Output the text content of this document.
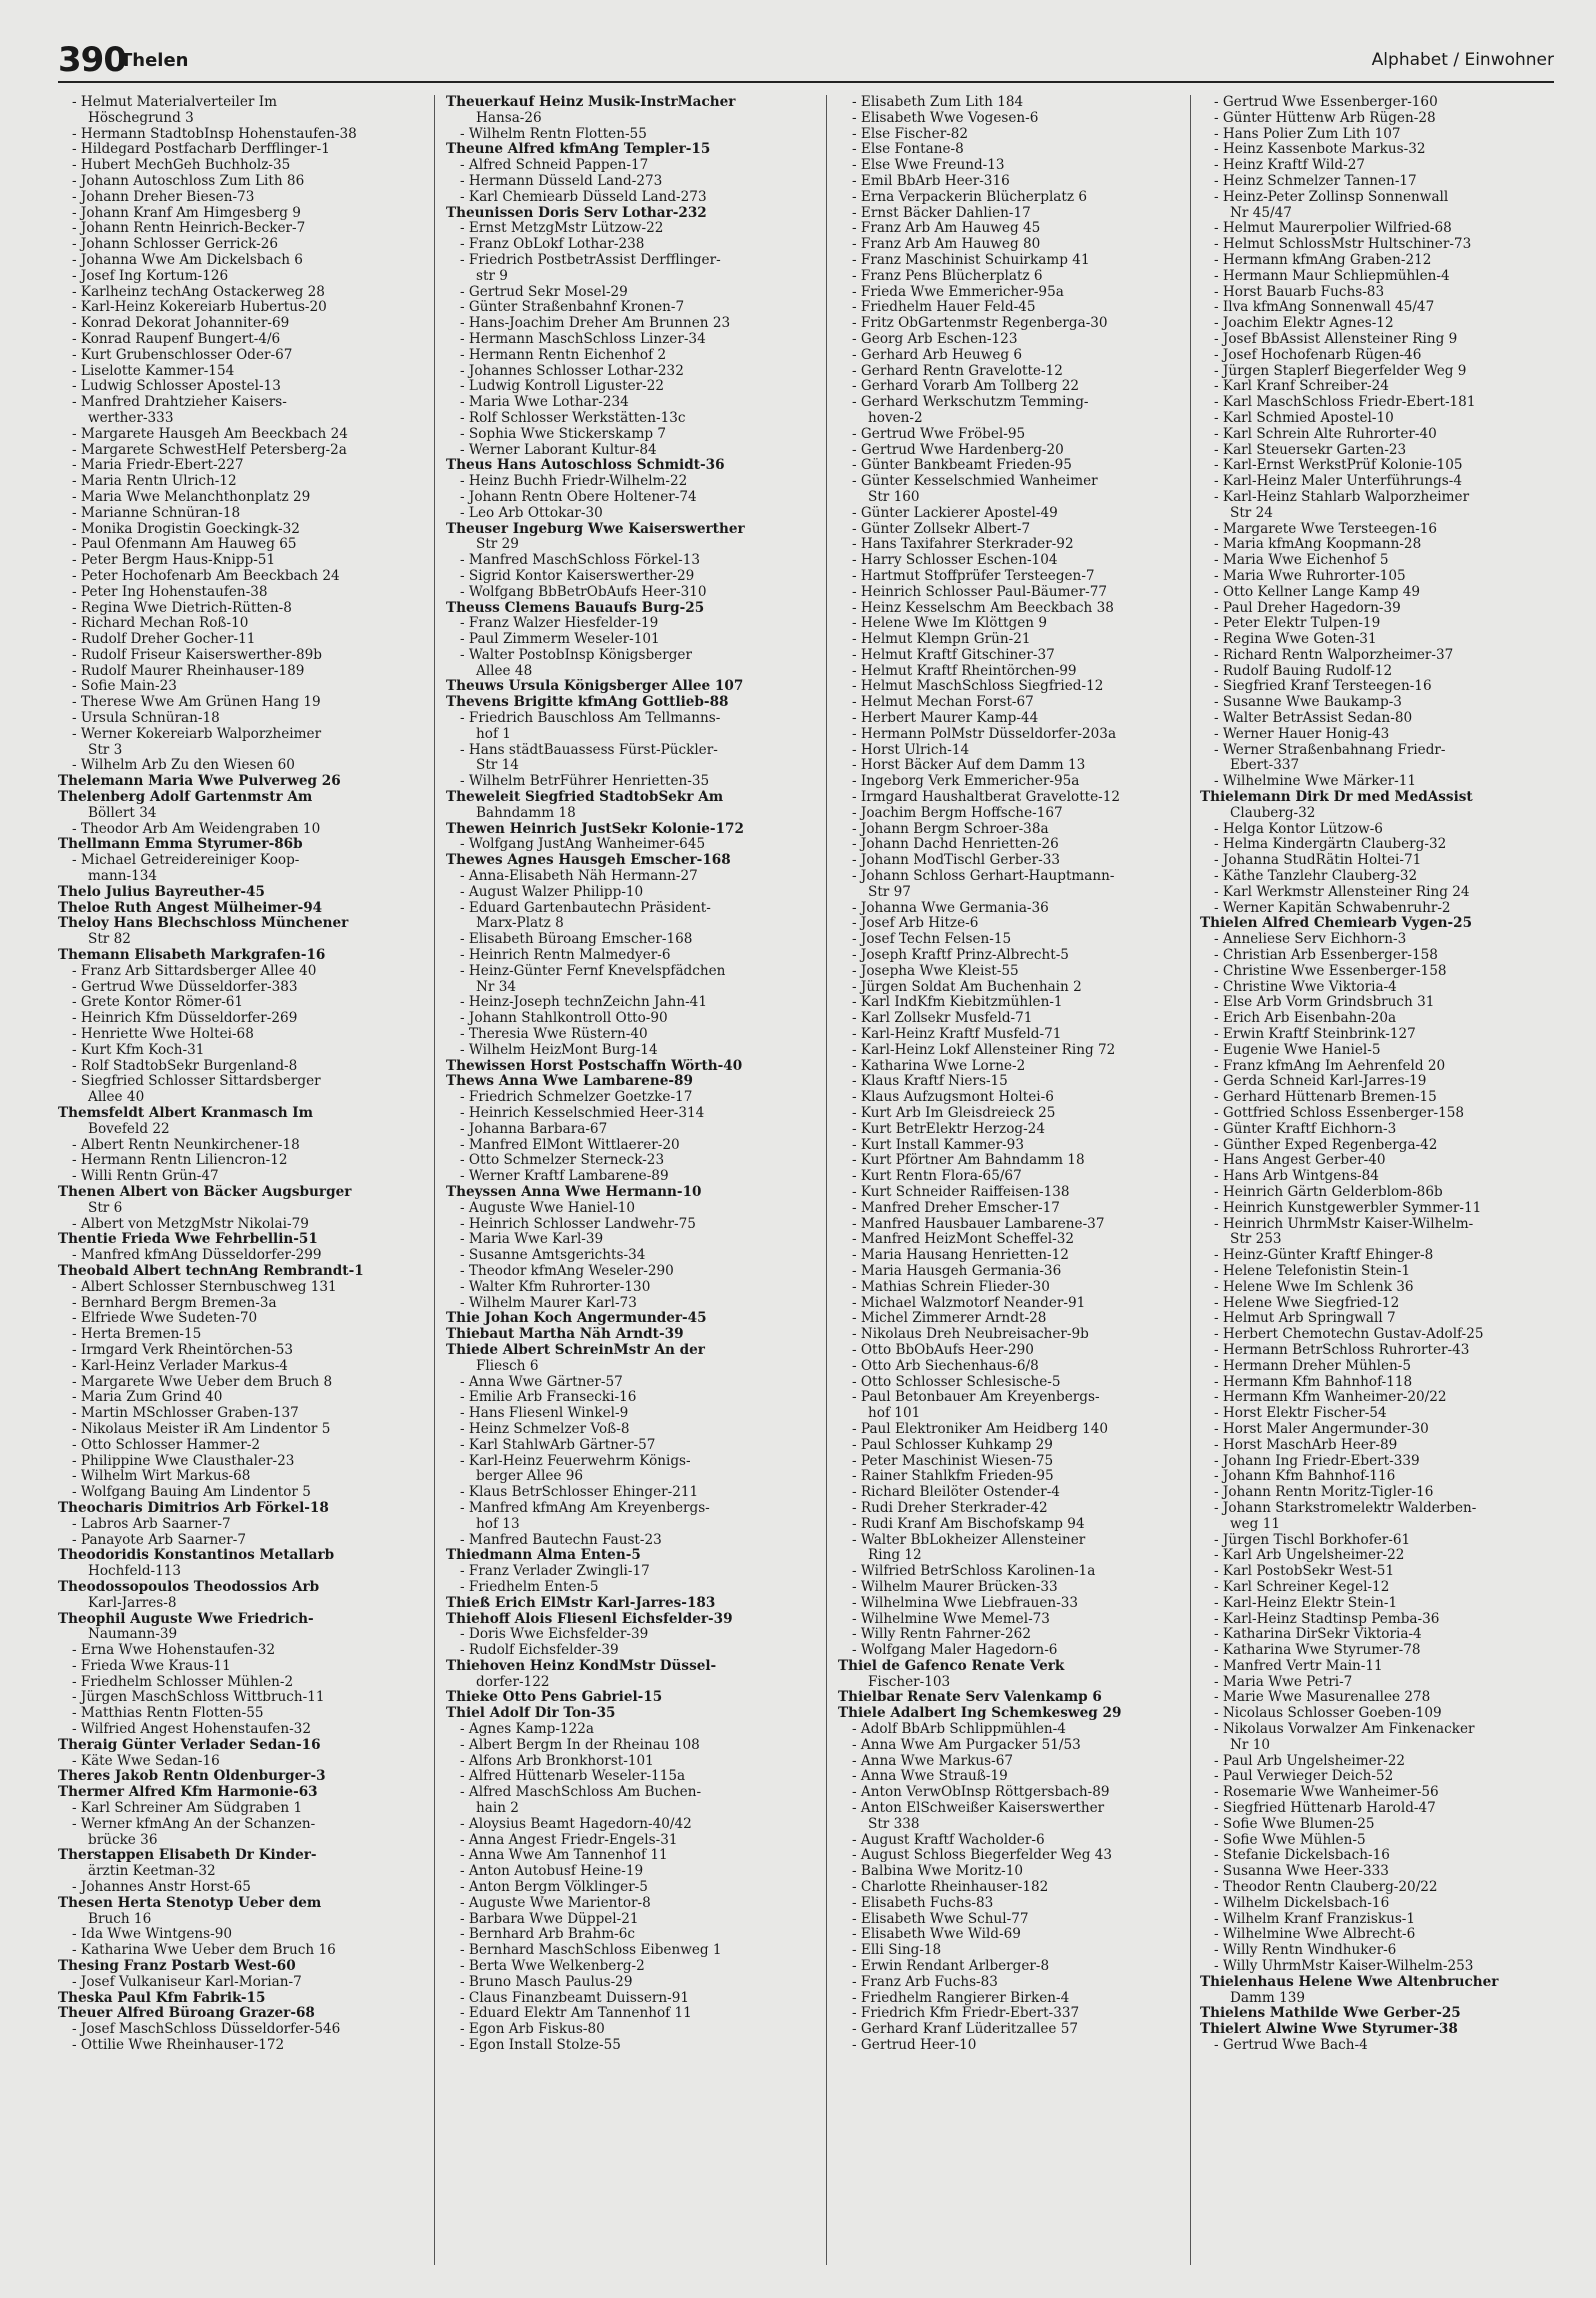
390
Thelen	Alphabet / Einwohner
- Helmut Materialverteiler Im
Höschegrund 3
- Hermann StadtobInsp Hohenstaufen-38
- Hildegard Postfacharb Derfflinger-1
- Hubert MechGeh Buchholz-35
- Johann Autoschloss Zum Lith 86
- Johann Dreher Biesen-73
- Johann Kranf Am Himgesberg 9
- Johann Rentn Heinrich-Becker-7
- Johann Schlosser Gerrick-26
- Johanna Wwe Am Dickelsbach 6
- Josef Ing Kortum-126
- Karlheinz techAng Ostackerweg 28
- Karl-Heinz Kokereiarb Hubertus-20
- Konrad Dekorat Johanniter-69
- Konrad Raupenf Bungert-4/6
- Kurt Grubenschlosser Oder-67
- Liselotte Kammer-154
- Ludwig Schlosser Apostel-13
- Manfred Drahtzieher Kaisers-
werther-333
- Margarete Hausgeh Am Beeckbach 24
- Margarete SchwestHelf Petersberg-2a
- Maria Friedr-Ebert-227
- Maria Rentn Ulrich-12
- Maria Wwe Melanchthonplatz 29
- Marianne Schnüran-18
- Monika Drogistin Goeckingk-32
- Paul Ofenmann Am Hauweg 65
- Peter Bergm Haus-Knipp-51
- Peter Hochofenarb Am Beeckbach 24
- Peter Ing Hohenstaufen-38
- Regina Wwe Dietrich-Rütten-8
- Richard Mechan Roß-10
- Rudolf Dreher Gocher-11
- Rudolf Friseur Kaiserswerther-89b
- Rudolf Maurer Rheinhauser-189
- Sofie Main-23
- Therese Wwe Am Grünen Hang 19
- Ursula Schnüran-18
- Werner Kokereiarb Walporzheimer
Str 3
- Wilhelm Arb Zu den Wiesen 60
Thelemann Maria Wwe Pulverweg 26
Thelenberg Adolf Gartenmstr Am
Böllert 34
- Theodor Arb Am Weidengraben 10
Thellmann Emma Styrumer-86b
- Michael Getreidereiniger Koop-
mann-134
Thelo Julius Bayreuther-45
Theloe Ruth Angest Mülheimer-94
Theloy Hans Blechschloss Münchener
Str 82
Themann Elisabeth Markgrafen-16
- Franz Arb Sittardsberger Allee 40
- Gertrud Wwe Düsseldorfer-383
- Grete Kontor Römer-61
- Heinrich Kfm Düsseldorfer-269
- Henriette Wwe Holtei-68
- Kurt Kfm Koch-31
- Rolf StadtobSekr Burgenland-8
- Siegfried Schlosser Sittardsberger
Allee 40
Themsfeldt Albert Kranmasch Im
Bovefeld 22
- Albert Rentn Neunkirchener-18
- Hermann Rentn Liliencron-12
- Willi Rentn Grün-47
Thenen Albert von Bäcker Augsburger
Str 6
- Albert von MetzgMstr Nikolai-79
Thentie Frieda Wwe Fehrbellin-51
- Manfred kfmAng Düsseldorfer-299
Theobald Albert technAng Rembrandt-1
- Albert Schlosser Sternbuschweg 131
- Bernhard Bergm Bremen-3a
- Elfriede Wwe Sudeten-70
- Herta Bremen-15
- Irmgard Verk Rheintörchen-53
- Karl-Heinz Verlader Markus-4
- Margarete Wwe Ueber dem Bruch 8
- Maria Zum Grind 40
- Martin MSchlosser Graben-137
- Nikolaus Meister iR Am Lindentor 5
- Otto Schlosser Hammer-2
- Philippine Wwe Clausthaler-23
- Wilhelm Wirt Markus-68
- Wolfgang Bauing Am Lindentor 5
Theocharis Dimitrios Arb Förkel-18
- Labros Arb Saarner-7
- Panayote Arb Saarner-7
Theodoridis Konstantinos Metallarb
Hochfeld-113
Theodossopoulos Theodossios Arb
Karl-Jarres-8
Theophil Auguste Wwe Friedrich-
Naumann-39
- Erna Wwe Hohenstaufen-32
- Frieda Wwe Kraus-11
- Friedhelm Schlosser Mühlen-2
- Jürgen MaschSchloss Wittbruch-11
- Matthias Rentn Flotten-55
- Wilfried Angest Hohenstaufen-32
Theraig Günter Verlader Sedan-16
- Käte Wwe Sedan-16
Theres Jakob Rentn Oldenburger-3
Thermer Alfred Kfm Harmonie-63
- Karl Schreiner Am Südgraben 1
- Werner kfmAng An der Schanzen-
brücke 36
Therstappen Elisabeth Dr Kinder-
ärztin Keetman-32
- Johannes Anstr Horst-65
Thesen Herta Stenotyp Ueber dem
Bruch 16
- Ida Wwe Wintgens-90
- Katharina Wwe Ueber dem Bruch 16
Thesing Franz Postarb West-60
- Josef Vulkaniseur Karl-Morian-7
Theska Paul Kfm Fabrik-15
Theuer Alfred Büroang Grazer-68
- Josef MaschSchloss Düsseldorfer-546
- Ottilie Wwe Rheinhauser-172
Theuerkauf Heinz Musik-InstrMacher
Hansa-26
- Wilhelm Rentn Flotten-55
Theune Alfred kfmAng Templer-15
- Alfred Schneid Pappen-17
- Hermann Düsseld Land-273
- Karl Chemiearb Düsseld Land-273
Theunissen Doris Serv Lothar-232
- Ernst MetzgMstr Lützow-22
- Franz ObLokf Lothar-238
- Friedrich PostbetrAssist Derfflinger-
str 9
- Gertrud Sekr Mosel-29
- Günter Straßenbahnf Kronen-7
- Hans-Joachim Dreher Am Brunnen 23
- Hermann MaschSchloss Linzer-34
- Hermann Rentn Eichenhof 2
- Johannes Schlosser Lothar-232
- Ludwig Kontroll Liguster-22
- Maria Wwe Lothar-234
- Rolf Schlosser Werkstätten-13c
- Sophia Wwe Stickerskamp 7
- Werner Laborant Kultur-84
Theus Hans Autoschloss Schmidt-36
- Heinz Buchh Friedr-Wilhelm-22
- Johann Rentn Obere Holtener-74
- Leo Arb Ottokar-30
Theuser Ingeburg Wwe Kaiserswerther
Str 29
- Manfred MaschSchloss Förkel-13
- Sigrid Kontor Kaiserswerther-29
- Wolfgang BbBetrObAufs Heer-310
Theuss Clemens Bauaufs Burg-25
- Franz Walzer Hiesfelder-19
- Paul Zimmerm Weseler-101
- Walter PostobInsp Königsberger
Allee 48
Theuws Ursula Königsberger Allee 107
Thevens Brigitte kfmAng Gottlieb-88
- Friedrich Bauschloss Am Tellmanns-
hof 1
- Hans städtBauassess Fürst-Pückler-
Str 14
- Wilhelm BetrFührer Henrietten-35
Theweleit Siegfried StadtobSekr Am
Bahndamm 18
Thewen Heinrich JustSekr Kolonie-172
- Wolfgang JustAng Wanheimer-645
Thewes Agnes Hausgeh Emscher-168
- Anna-Elisabeth Näh Hermann-27
- August Walzer Philipp-10
- Eduard Gartenbautechn Präsident-
Marx-Platz 8
- Elisabeth Büroang Emscher-168
- Heinrich Rentn Malmedyer-6
- Heinz-Günter Fernf Knevelspfädchen
Nr 34
- Heinz-Joseph technZeichn Jahn-41
- Johann Stahlkontroll Otto-90
- Theresia Wwe Rüstern-40
- Wilhelm HeizMont Burg-14
Thewissen Horst Postschaffn Wörth-40
Thews Anna Wwe Lambarene-89
- Friedrich Schmelzer Goetzke-17
- Heinrich Kesselschmied Heer-314
- Johanna Barbara-67
- Manfred ElMont Wittlaerer-20
- Otto Schmelzer Sterneck-23
- Werner Kraftf Lambarene-89
Theyssen Anna Wwe Hermann-10
- Auguste Wwe Haniel-10
- Heinrich Schlosser Landwehr-75
- Maria Wwe Karl-39
- Susanne Amtsgerichts-34
- Theodor kfmAng Weseler-290
- Walter Kfm Ruhrorter-130
- Wilhelm Maurer Karl-73
Thie Johan Koch Angermunder-45
Thiebaut Martha Näh Arndt-39
Thiede Albert SchreinMstr An der
Fliesch 6
- Anna Wwe Gärtner-57
- Emilie Arb Fransecki-16
- Hans Fliesenl Winkel-9
- Heinz Schmelzer Voß-8
- Karl StahlwArb Gärtner-57
- Karl-Heinz Feuerwehrm Königs-
berger Allee 96
- Klaus BetrSchlosser Ehinger-211
- Manfred kfmAng Am Kreyenbergs-
hof 13
- Manfred Bautechn Faust-23
Thiedmann Alma Enten-5
- Franz Verlader Zwingli-17
- Friedhelm Enten-5
Thieß Erich ElMstr Karl-Jarres-183
Thiehoff Alois Fliesenl Eichsfelder-39
- Doris Wwe Eichsfelder-39
- Rudolf Eichsfelder-39
Thiehoven Heinz KondMstr Düssel-
dorfer-122
Thieke Otto Pens Gabriel-15
Thiel Adolf Dir Ton-35
- Agnes Kamp-122a
- Albert Bergm In der Rheinau 108
- Alfons Arb Bronkhorst-101
- Alfred Hüttenarb Weseler-115a
- Alfred MaschSchloss Am Buchen-
hain 2
- Aloysius Beamt Hagedorn-40/42
- Anna Angest Friedr-Engels-31
- Anna Wwe Am Tannenhof 11
- Anton Autobusf Heine-19
- Anton Bergm Völklinger-5
- Auguste Wwe Marientor-8
- Barbara Wwe Düppel-21
- Bernhard Arb Brahm-6c
- Bernhard MaschSchloss Eibenweg 1
- Berta Wwe Welkenberg-2
- Bruno Masch Paulus-29
- Claus Finanzbeamt Duissern-91
- Eduard Elektr Am Tannenhof 11
- Egon Arb Fiskus-80
- Egon Install Stolze-55
- Elisabeth Zum Lith 184
- Elisabeth Wwe Vogesen-6
- Else Fischer-82
- Else Fontane-8
- Else Wwe Freund-13
- Emil BbArb Heer-316
- Erna Verpackerin Blücherplatz 6
- Ernst Bäcker Dahlien-17
- Franz Arb Am Hauweg 45
- Franz Arb Am Hauweg 80
- Franz Maschinist Schuirkamp 41
- Franz Pens Blücherplatz 6
- Frieda Wwe Emmericher-95a
- Friedhelm Hauer Feld-45
- Fritz ObGartenmstr Regenberga-30
- Georg Arb Eschen-123
- Gerhard Arb Heuweg 6
- Gerhard Rentn Gravelotte-12
- Gerhard Vorarb Am Tollberg 22
- Gerhard Werkschutzm Temming-
hoven-2
- Gertrud Wwe Fröbel-95
- Gertrud Wwe Hardenberg-20
- Günter Bankbeamt Frieden-95
- Günter Kesselschmied Wanheimer
Str 160
- Günter Lackierer Apostel-49
- Günter Zollsekr Albert-7
- Hans Taxifahrer Sterkrader-92
- Harry Schlosser Eschen-104
- Hartmut Stoffprüfer Tersteegen-7
- Heinrich Schlosser Paul-Bäumer-77
- Heinz Kesselschm Am Beeckbach 38
- Helene Wwe Im Klöttgen 9
- Helmut Klempn Grün-21
- Helmut Kraftf Gitschiner-37
- Helmut Kraftf Rheintörchen-99
- Helmut MaschSchloss Siegfried-12
- Helmut Mechan Forst-67
- Herbert Maurer Kamp-44
- Hermann PolMstr Düsseldorfer-203a
- Horst Ulrich-14
- Horst Bäcker Auf dem Damm 13
- Ingeborg Verk Emmericher-95a
- Irmgard Haushaltberat Gravelotte-12
- Joachim Bergm Hoffsche-167
- Johann Bergm Schroer-38a
- Johann Dachd Henrietten-26
- Johann ModTischl Gerber-33
- Johann Schloss Gerhart-Hauptmann-
Str 97
- Johanna Wwe Germania-36
- Josef Arb Hitze-6
- Josef Techn Felsen-15
- Joseph Kraftf Prinz-Albrecht-5
- Josepha Wwe Kleist-55
- Jürgen Soldat Am Buchenhain 2
- Karl IndKfm Kiebitzmühlen-1
- Karl Zollsekr Musfeld-71
- Karl-Heinz Kraftf Musfeld-71
- Karl-Heinz Lokf Allensteiner Ring 72
- Katharina Wwe Lorne-2
- Klaus Kraftf Niers-15
- Klaus Aufzugsmont Holtei-6
- Kurt Arb Im Gleisdreieck 25
- Kurt BetrElektr Herzog-24
- Kurt Install Kammer-93
- Kurt Pförtner Am Bahndamm 18
- Kurt Rentn Flora-65/67
- Kurt Schneider Raiffeisen-138
- Manfred Dreher Emscher-17
- Manfred Hausbauer Lambarene-37
- Manfred HeizMont Scheffel-32
- Maria Hausang Henrietten-12
- Maria Hausgeh Germania-36
- Mathias Schrein Flieder-30
- Michael Walzmotorf Neander-91
- Michel Zimmerer Arndt-28
- Nikolaus Dreh Neubreisacher-9b
- Otto BbObAufs Heer-290
- Otto Arb Siechenhaus-6/8
- Otto Schlosser Schlesische-5
- Paul Betonbauer Am Kreyenbergs-
hof 101
- Paul Elektroniker Am Heidberg 140
- Paul Schlosser Kuhkamp 29
- Peter Maschinist Wiesen-75
- Rainer Stahlkfm Frieden-95
- Richard Bleilöter Ostender-4
- Rudi Dreher Sterkrader-42
- Rudi Kranf Am Bischofskamp 94
- Walter BbLokheizer Allensteiner
Ring 12
- Wilfried BetrSchloss Karolinen-1a
- Wilhelm Maurer Brücken-33
- Wilhelmina Wwe Liebfrauen-33
- Wilhelmine Wwe Memel-73
- Willy Rentn Fahrner-262
- Wolfgang Maler Hagedorn-6
Thiel de Gafenco Renate Verk
Fischer-103
Thielbar Renate Serv Valenkamp 6
Thiele Adalbert Ing Schemkesweg 29
- Adolf BbArb Schlippmühlen-4
- Anna Wwe Am Purgacker 51/53
- Anna Wwe Markus-67
- Anna Wwe Strauß-19
- Anton VerwObInsp Röttgersbach-89
- Anton ElSchweißer Kaiserswerther
Str 338
- August Kraftf Wacholder-6
- August Schloss Biegerfelder Weg 43
- Balbina Wwe Moritz-10
- Charlotte Rheinhauser-182
- Elisabeth Fuchs-83
- Elisabeth Wwe Schul-77
- Elisabeth Wwe Wild-69
- Elli Sing-18
- Erwin Rendant Arlberger-8
- Franz Arb Fuchs-83
- Friedhelm Rangierer Birken-4
- Friedrich Kfm Friedr-Ebert-337
- Gerhard Kranf Lüderitzallee 57
- Gertrud Heer-10
- Gertrud Wwe Essenberger-160
- Günter Hüttenw Arb Rügen-28
- Hans Polier Zum Lith 107
- Heinz Kassenbote Markus-32
- Heinz Kraftf Wild-27
- Heinz Schmelzer Tannen-17
- Heinz-Peter Zollinsp Sonnenwall
Nr 45/47
- Helmut Maurerpolier Wilfried-68
- Helmut SchlossMstr Hultschiner-73
- Hermann kfmAng Graben-212
- Hermann Maur Schliepmühlen-4
- Horst Bauarb Fuchs-83
- Ilva kfmAng Sonnenwall 45/47
- Joachim Elektr Agnes-12
- Josef BbAssist Allensteiner Ring 9
- Josef Hochofenarb Rügen-46
- Jürgen Staplerf Biegerfelder Weg 9
- Karl Kranf Schreiber-24
- Karl MaschSchloss Friedr-Ebert-181
- Karl Schmied Apostel-10
- Karl Schrein Alte Ruhrorter-40
- Karl Steuersekr Garten-23
- Karl-Ernst WerkstPrüf Kolonie-105
- Karl-Heinz Maler Unterführungs-4
- Karl-Heinz Stahlarb Walporzheimer
Str 24
- Margarete Wwe Tersteegen-16
- Maria kfmAng Koopmann-28
- Maria Wwe Eichenhof 5
- Maria Wwe Ruhrorter-105
- Otto Kellner Lange Kamp 49
- Paul Dreher Hagedorn-39
- Peter Elektr Tulpen-19
- Regina Wwe Goten-31
- Richard Rentn Walporzheimer-37
- Rudolf Bauing Rudolf-12
- Siegfried Kranf Tersteegen-16
- Susanne Wwe Baukamp-3
- Walter BetrAssist Sedan-80
- Werner Hauer Honig-43
- Werner Straßenbahnang Friedr-
Ebert-337
- Wilhelmine Wwe Märker-11
Thielemann Dirk Dr med MedAssist
Clauberg-32
- Helga Kontor Lützow-6
- Helma Kindergärtn Clauberg-32
- Johanna StudRätin Holtei-71
- Käthe Tanzlehr Clauberg-32
- Karl Werkmstr Allensteiner Ring 24
- Werner Kapitän Schwabenruhr-2
Thielen Alfred Chemiearb Vygen-25
- Anneliese Serv Eichhorn-3
- Christian Arb Essenberger-158
- Christine Wwe Essenberger-158
- Christine Wwe Viktoria-4
- Else Arb Vorm Grindsbruch 31
- Erich Arb Eisenbahn-20a
- Erwin Kraftf Steinbrink-127
- Eugenie Wwe Haniel-5
- Franz kfmAng Im Aehrenfeld 20
- Gerda Schneid Karl-Jarres-19
- Gerhard Hüttenarb Bremen-15
- Gottfried Schloss Essenberger-158
- Günter Kraftf Eichhorn-3
- Günther Exped Regenberga-42
- Hans Angest Gerber-40
- Hans Arb Wintgens-84
- Heinrich Gärtn Gelderblom-86b
- Heinrich Kunstgewerbler Symmer-11
- Heinrich UhrmMstr Kaiser-Wilhelm-
Str 253
- Heinz-Günter Kraftf Ehinger-8
- Helene Telefonistin Stein-1
- Helene Wwe Im Schlenk 36
- Helene Wwe Siegfried-12
- Helmut Arb Springwall 7
- Herbert Chemotechn Gustav-Adolf-25
- Hermann BetrSchloss Ruhrorter-43
- Hermann Dreher Mühlen-5
- Hermann Kfm Bahnhof-118
- Hermann Kfm Wanheimer-20/22
- Horst Elektr Fischer-54
- Horst Maler Angermunder-30
- Horst MaschArb Heer-89
- Johann Ing Friedr-Ebert-339
- Johann Kfm Bahnhof-116
- Johann Rentn Moritz-Tigler-16
- Johann Starkstromelektr Walderben-
weg 11
- Jürgen Tischl Borkhofer-61
- Karl Arb Ungelsheimer-22
- Karl PostobSekr West-51
- Karl Schreiner Kegel-12
- Karl-Heinz Elektr Stein-1
- Karl-Heinz Stadtinsp Pemba-36
- Katharina DirSekr Viktoria-4
- Katharina Wwe Styrumer-78
- Manfred Vertr Main-11
- Maria Wwe Petri-7
- Marie Wwe Masurenallee 278
- Nicolaus Schlosser Goeben-109
- Nikolaus Vorwalzer Am Finkenacker
Nr 10
- Paul Arb Ungelsheimer-22
- Paul Verwieger Deich-52
- Rosemarie Wwe Wanheimer-56
- Siegfried Hüttenarb Harold-47
- Sofie Wwe Blumen-25
- Sofie Wwe Mühlen-5
- Stefanie Dickelsbach-16
- Susanna Wwe Heer-333
- Theodor Rentn Clauberg-20/22
- Wilhelm Dickelsbach-16
- Wilhelm Kranf Franziskus-1
- Wilhelmine Wwe Albrecht-6
- Willy Rentn Windhuker-6
- Willy UhrmMstr Kaiser-Wilhelm-253
Thielenhaus Helene Wwe Altenbrucher
Damm 139
Thielens Mathilde Wwe Gerber-25
Thielert Alwine Wwe Styrumer-38
- Gertrud Wwe Bach-4
